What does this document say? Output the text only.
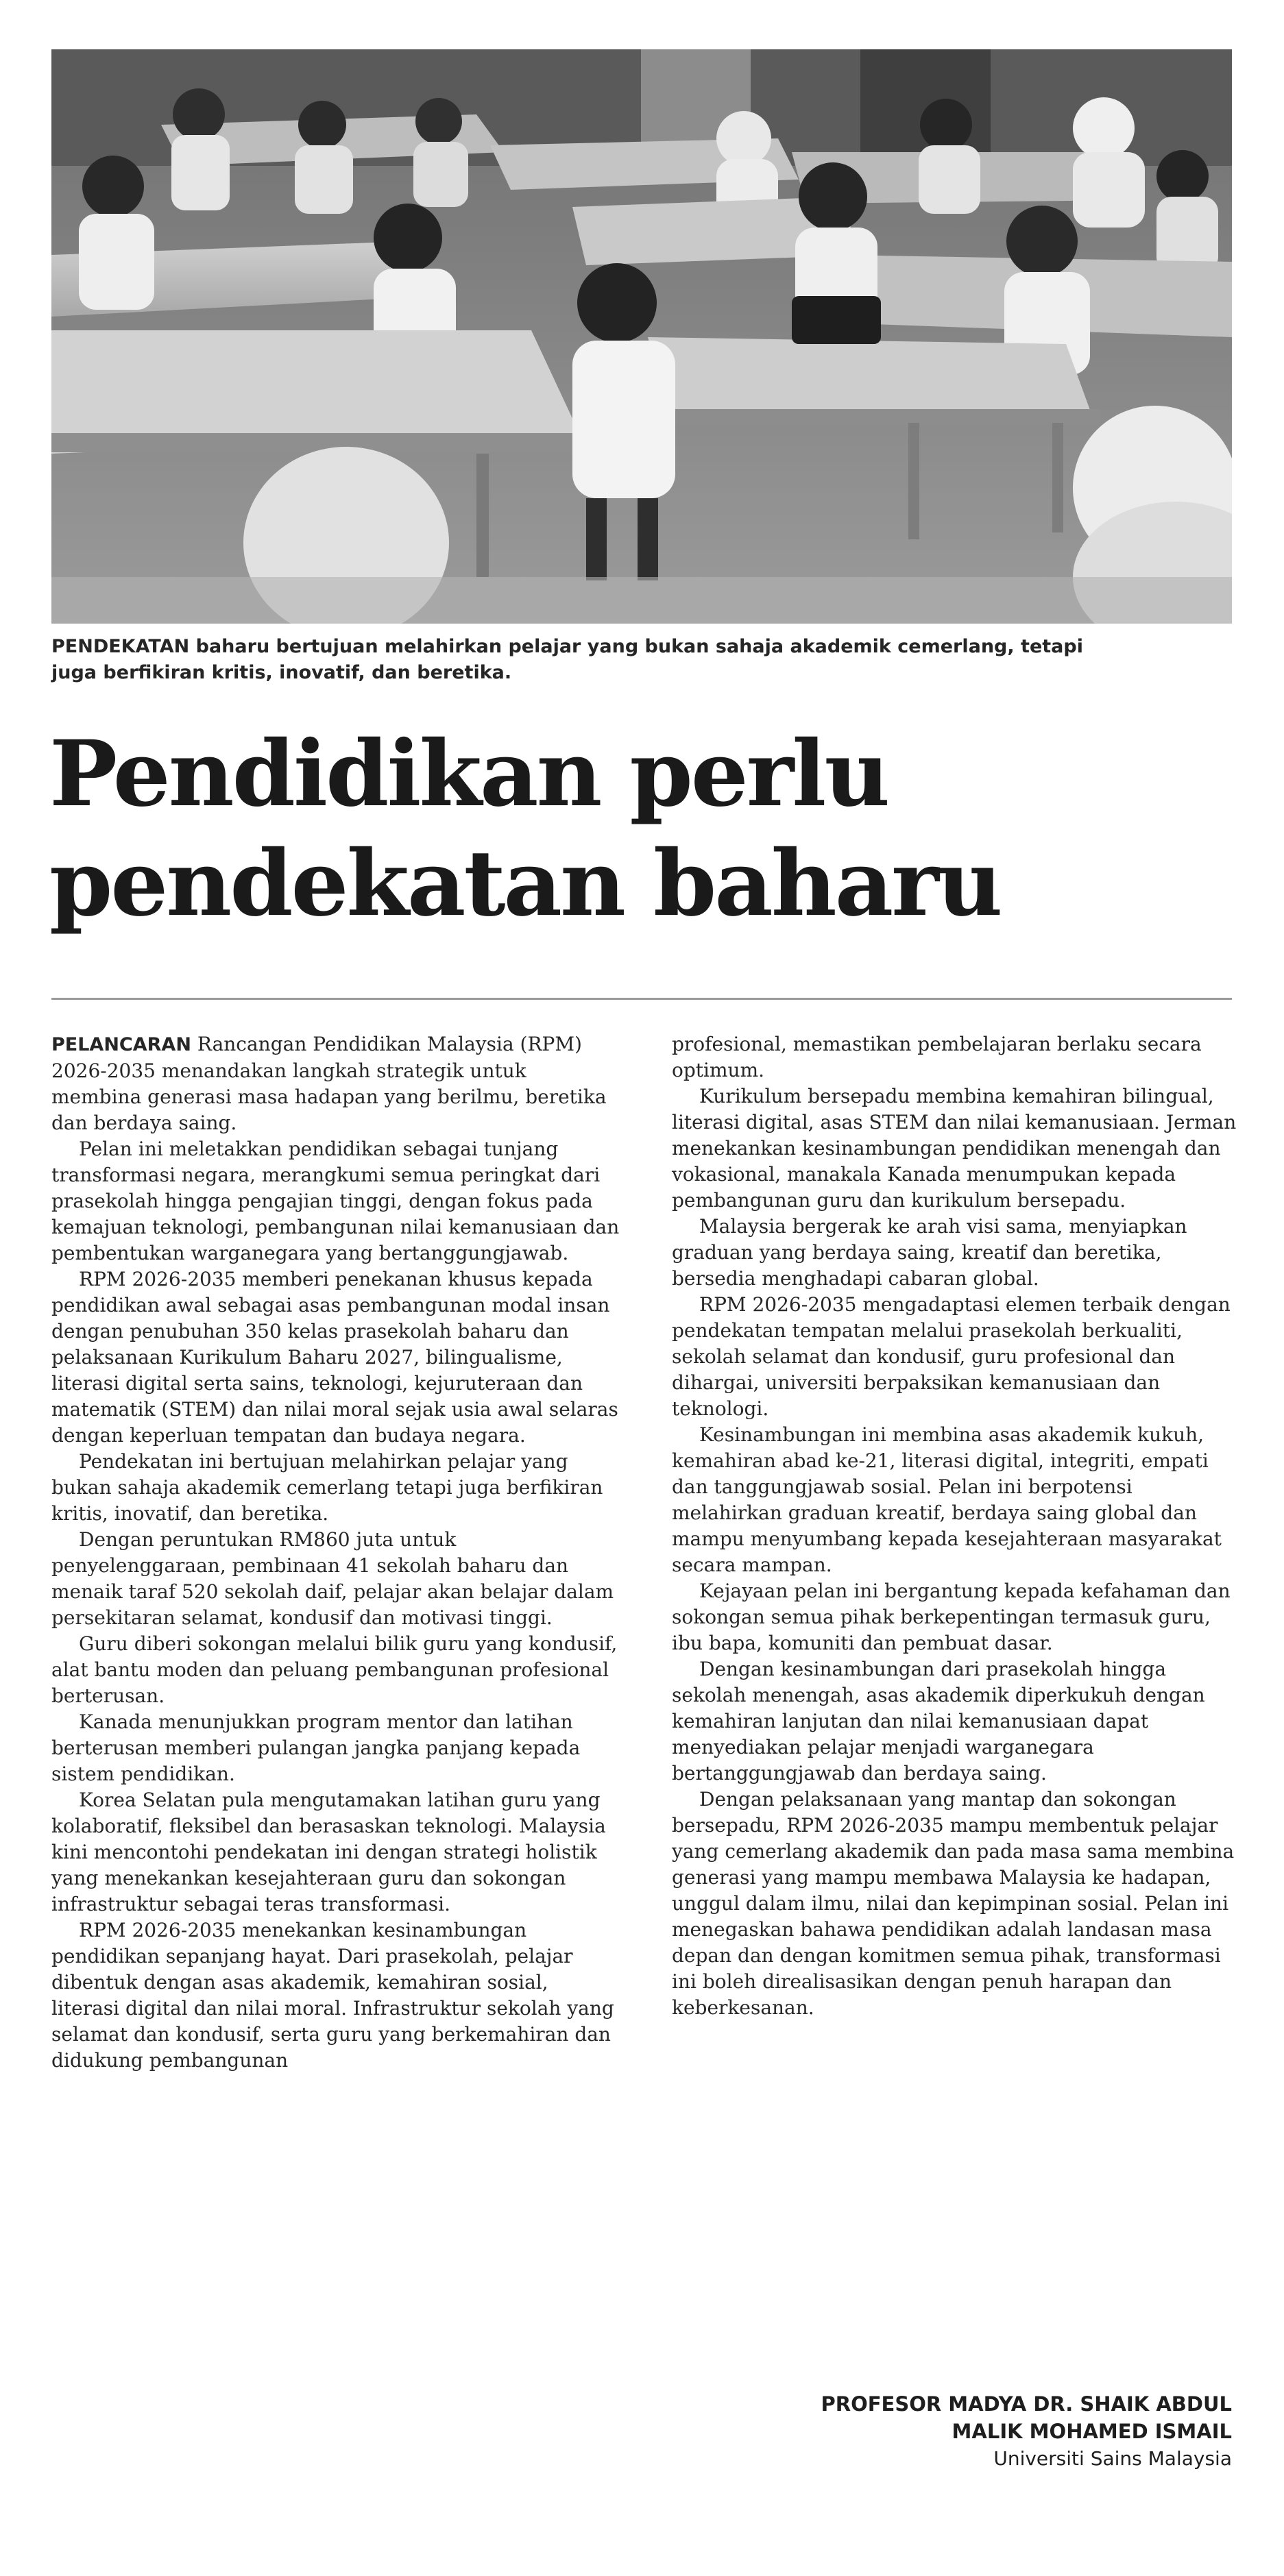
PENDEKATAN baharu bertujuan melahirkan pelajar yang bukan sahaja akademik cemerlang, tetapi
juga berfikiran kritis, inovatif, dan beretika.
Pendidikan perlu
pendekatan baharu

PELANCARAN Rancangan Pendidikan Malaysia (RPM) 2026-2035 menandakan langkah strategik untuk membina generasi masa hadapan yang berilmu, beretika dan berdaya saing.

Pelan ini meletakkan pendidikan sebagai tunjang transformasi negara, merangkumi semua peringkat dari prasekolah hingga pengajian tinggi, dengan fokus pada kemajuan teknologi, pembangunan nilai kemanusiaan dan pembentukan warganegara yang bertanggungjawab.

RPM 2026-2035 memberi penekanan khusus kepada pendidikan awal sebagai asas pembangunan modal insan dengan penubuhan 350 kelas prasekolah baharu dan pelaksanaan Kurikulum Baharu 2027, bilingualisme, literasi digital serta sains, teknologi, kejuruteraan dan matematik (STEM) dan nilai moral sejak usia awal selaras dengan keperluan tempatan dan budaya negara.

Pendekatan ini bertujuan melahirkan pelajar yang bukan sahaja akademik cemerlang tetapi juga berfikiran kritis, inovatif, dan beretika.

Dengan peruntukan RM860 juta untuk penyelenggaraan, pembinaan 41 sekolah baharu dan menaik taraf 520 sekolah daif, pelajar akan belajar dalam persekitaran selamat, kondusif dan motivasi tinggi.

Guru diberi sokongan melalui bilik guru yang kondusif, alat bantu moden dan peluang pembangunan profesional berterusan.

Kanada menunjukkan program mentor dan latihan berterusan memberi pulangan jangka panjang kepada sistem pendidikan.

Korea Selatan pula mengutamakan latihan guru yang kolaboratif, fleksibel dan berasaskan teknologi. Malaysia kini mencontohi pendekatan ini dengan strategi holistik yang menekankan kesejahteraan guru dan sokongan infrastruktur sebagai teras transformasi.

RPM 2026-2035 menekankan kesinambungan pendidikan sepanjang hayat. Dari prasekolah, pelajar dibentuk dengan asas akademik, kemahiran sosial, literasi digital dan nilai moral. Infrastruktur sekolah yang selamat dan kondusif, serta guru yang berkemahiran dan didukung pembangunan

profesional, memastikan pembelajaran berlaku secara optimum.

Kurikulum bersepadu membina kemahiran bilingual, literasi digital, asas STEM dan nilai kemanusiaan. Jerman menekankan kesinambungan pendidikan menengah dan vokasional, manakala Kanada menumpukan kepada pembangunan guru dan kurikulum bersepadu.

Malaysia bergerak ke arah visi sama, menyiapkan graduan yang berdaya saing, kreatif dan beretika, bersedia menghadapi cabaran global.

RPM 2026-2035 mengadaptasi elemen terbaik dengan pendekatan tempatan melalui prasekolah berkualiti, sekolah selamat dan kondusif, guru profesional dan dihargai, universiti berpaksikan kemanusiaan dan teknologi.

Kesinambungan ini membina asas akademik kukuh, kemahiran abad ke-21, literasi digital, integriti, empati dan tanggungjawab sosial. Pelan ini berpotensi melahirkan graduan kreatif, berdaya saing global dan mampu menyumbang kepada kesejahteraan masyarakat secara mampan.

Kejayaan pelan ini bergantung kepada kefahaman dan sokongan semua pihak berkepentingan termasuk guru, ibu bapa, komuniti dan pembuat dasar.

Dengan kesinambungan dari prasekolah hingga sekolah menengah, asas akademik diperkukuh dengan kemahiran lanjutan dan nilai kemanusiaan dapat menyediakan pelajar menjadi warganegara bertanggungjawab dan berdaya saing.

Dengan pelaksanaan yang mantap dan sokongan bersepadu, RPM 2026-2035 mampu membentuk pelajar yang cemerlang akademik dan pada masa sama membina generasi yang mampu membawa Malaysia ke hadapan, unggul dalam ilmu, nilai dan kepimpinan sosial. Pelan ini menegaskan bahawa pendidikan adalah landasan masa depan dan dengan komitmen semua pihak, transformasi ini boleh direalisasikan dengan penuh harapan dan keberkesanan.

PROFESOR MADYA DR. SHAIK ABDUL
MALIK MOHAMED ISMAIL
Universiti Sains Malaysia
